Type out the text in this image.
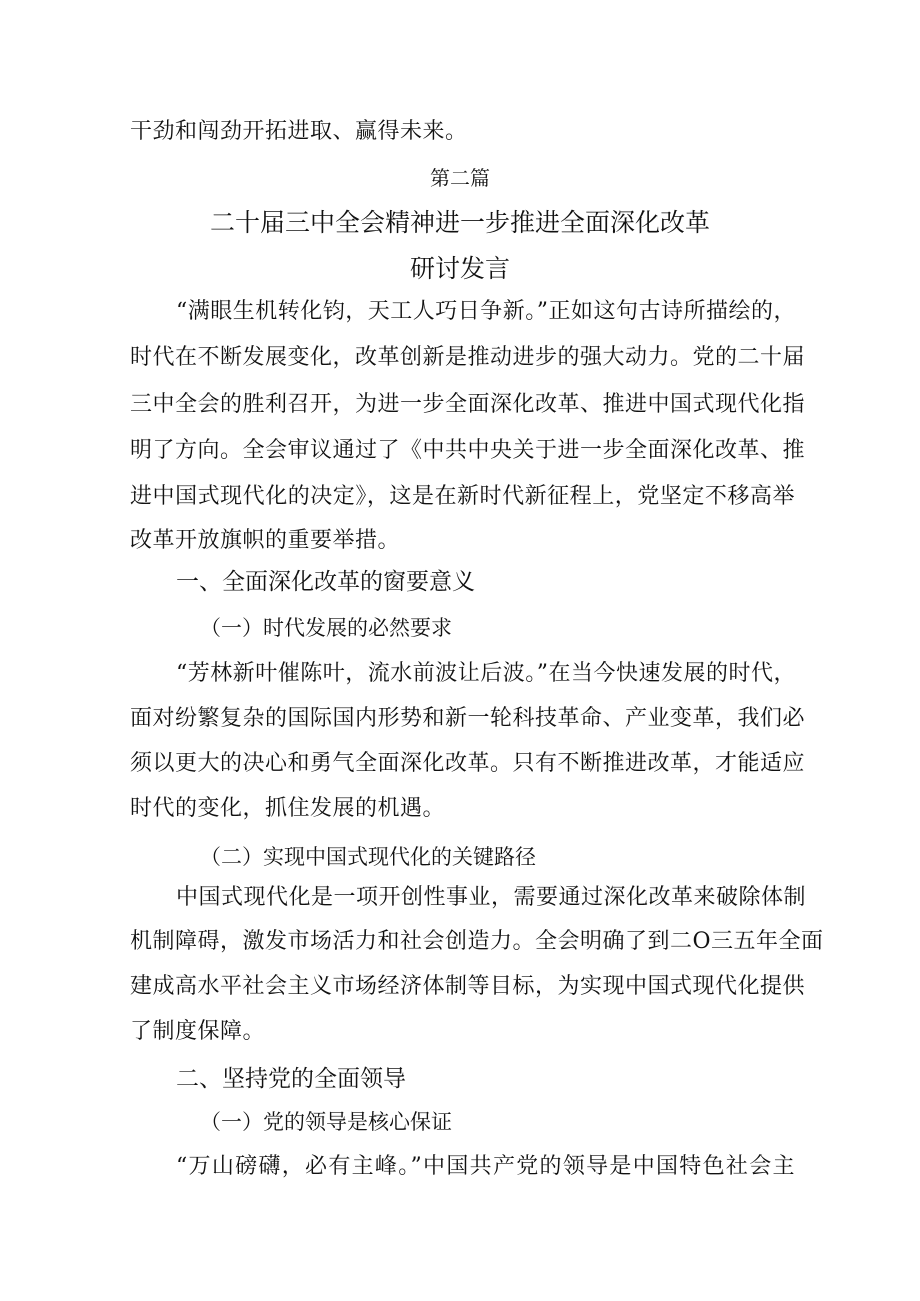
干劲和闯劲开拓进取、赢得未来。
第二篇
二十届三中全会精神进一步推进全面深化改革
研讨发言
“满眼生机转化钧，天工人巧日争新。”正如这句古诗所描绘的，
时代在不断发展变化，改革创新是推动进步的强大动力。党的二十届
三中全会的胜利召开，为进一步全面深化改革、推进中国式现代化指
明了方向。全会审议通过了《中共中央关于进一步全面深化改革、推
进中国式现代化的决定》，这是在新时代新征程上，党坚定不移高举
改革开放旗帜的重要举措。
一、全面深化改革的窗要意义
（一）时代发展的必然要求
“芳林新叶催陈叶，流水前波让后波。”在当今快速发展的时代，
面对纷繁复杂的国际国内形势和新一轮科技革命、产业变革，我们必
须以更大的决心和勇气全面深化改革。只有不断推进改革，才能适应
时代的变化，抓住发展的机遇。
（二）实现中国式现代化的关键路径
中国式现代化是一项开创性事业，需要通过深化改革来破除体制
机制障碍，激发市场活力和社会创造力。全会明确了到二O三五年全面
建成高水平社会主义市场经济体制等目标，为实现中国式现代化提供
了制度保障。
二、坚持党的全面领导
（一）党的领导是核心保证
“万山磅礴，必有主峰。”中国共产党的领导是中国特色社会主
